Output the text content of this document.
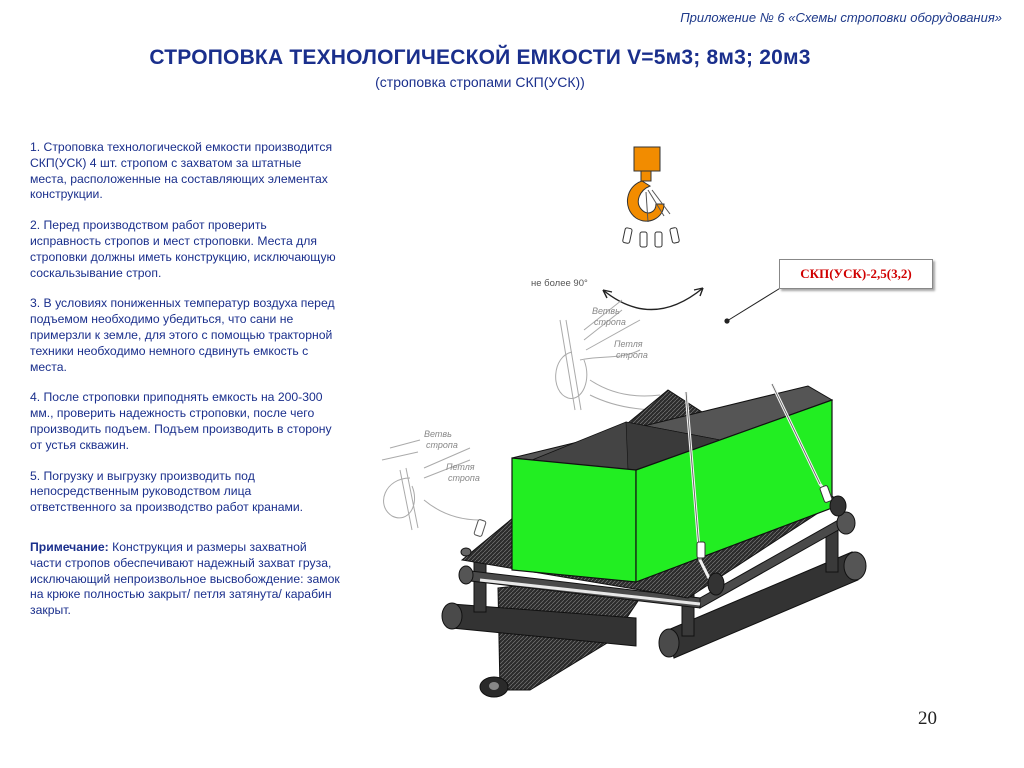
Приложение № 6 «Схемы строповки оборудования»
СТРОПОВКА ТЕХНОЛОГИЧЕСКОЙ ЕМКОСТИ V=5м3; 8м3; 20м3
(строповка стропами СКП(УСК))

1. Строповка технологической емкости производится СКП(УСК) 4 шт. стропом с захватом за штатные места, расположенные на составляющих элементах конструкции.

2. Перед производством работ проверить исправность стропов и мест строповки. Места для строповки должны иметь конструкцию, исключающую соскальзывание строп.

3. В условиях пониженных температур воздуха перед подъемом необходимо убедиться, что сани не примерзли к земле, для этого с помощью тракторной техники необходимо немного сдвинуть емкость с места.

4. После строповки приподнять емкость на 200-300 мм., проверить надежность строповки, после чего производить подъем. Подъем производить в сторону от устья скважин.

5. Погрузку и выгрузку производить под непосредственным руководством лица ответственного за производство работ кранами.

Примечание: Конструкция и размеры захватной части стропов обеспечивают надежный захват груза, исключающий непроизвольное высвобождение: замок на крюке полностью закрыт/ петля затянута/ карабин закрыт.

Ветвь
стропа
Петля
стропа
Ветвь
стропа
Петля
стропа
не более 90°
СКП(УСК)-2,5(3,2)
20
